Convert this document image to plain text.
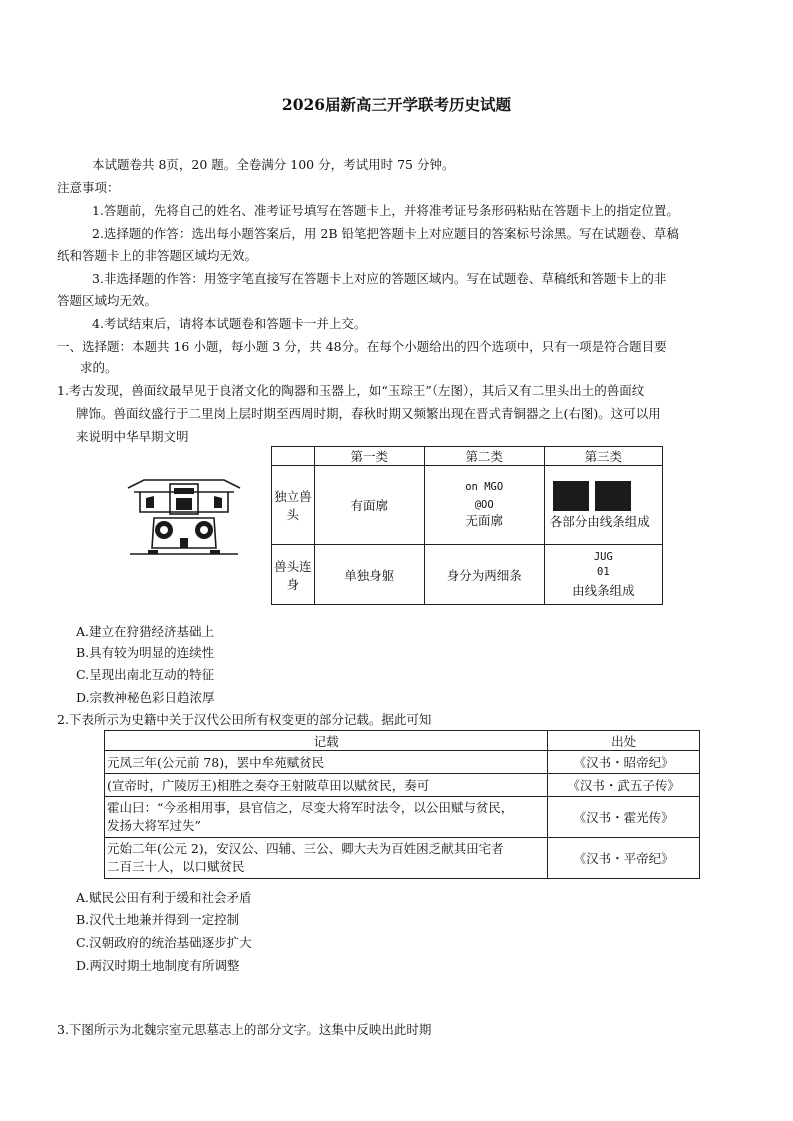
2026届新高三开学联考历史试题
本试题卷共 8页，20 题。全卷满分 100 分，考试用时 75 分钟。
注意事项：
1.答题前，先将自己的姓名、准考证号填写在答题卡上，并将准考证号条形码粘贴在答题卡上的指定位置。
2.选择题的作答：选出每小题答案后，用 2B 铅笔把答题卡上对应题目的答案标号涂黑。写在试题卷、草稿
纸和答题卡上的非答题区域均无效。
3.非选择题的作答：用签字笔直接写在答题卡上对应的答题区域内。写在试题卷、草稿纸和答题卡上的非
答题区域均无效。
4.考试结束后，请将本试题卷和答题卡一并上交。
一、选择题：本题共 16 小题，每小题 3 分，共 48分。在每个小题给出的四个选项中，只有一项是符合题目要
求的。
1.考古发现，兽面纹最早见于良渚文化的陶器和玉器上，如“玉琮王”（左图），其后又有二里头出土的兽面纹
牌饰。兽面纹盛行于二里岗上层时期至西周时期，春秋时期又频繁出现在晋式青铜器之上(右图)。这可以用
来说明中华早期文明
	第一类	第二类	第三类
独立兽头	有面廓	on MGO
@OO
无面廓	各部分由线条组成

兽头连身	单独身躯	身分为两细条	JUG
01
由线条组成
A.建立在狩猎经济基础上
B.具有较为明显的连续性
C.呈现出南北互动的特征
D.宗教神秘色彩日趋浓厚
2.下表所示为史籍中关于汉代公田所有权变更的部分记载。据此可知
记载	出处
元凤三年(公元前 78)，罢中牟苑赋贫民	《汉书・昭帝纪》
(宣帝时，广陵厉王)相胜之奏夺王射陂草田以赋贫民，奏可	《汉书・武五子传》

霍山曰：“今丞相用事，县官信之，尽变大将军时法令，以公田赋与贫民，
发扬大将军过失”	《汉书・霍光传》

元始二年(公元 2)，安汉公、四辅、三公、卿大夫为百姓困乏献其田宅者
二百三十人，以口赋贫民	《汉书・平帝纪》
A.赋民公田有利于缓和社会矛盾
B.汉代土地兼并得到一定控制
C.汉朝政府的统治基础逐步扩大
D.两汉时期土地制度有所调整
3.下图所示为北魏宗室元思墓志上的部分文字。这集中反映出此时期
